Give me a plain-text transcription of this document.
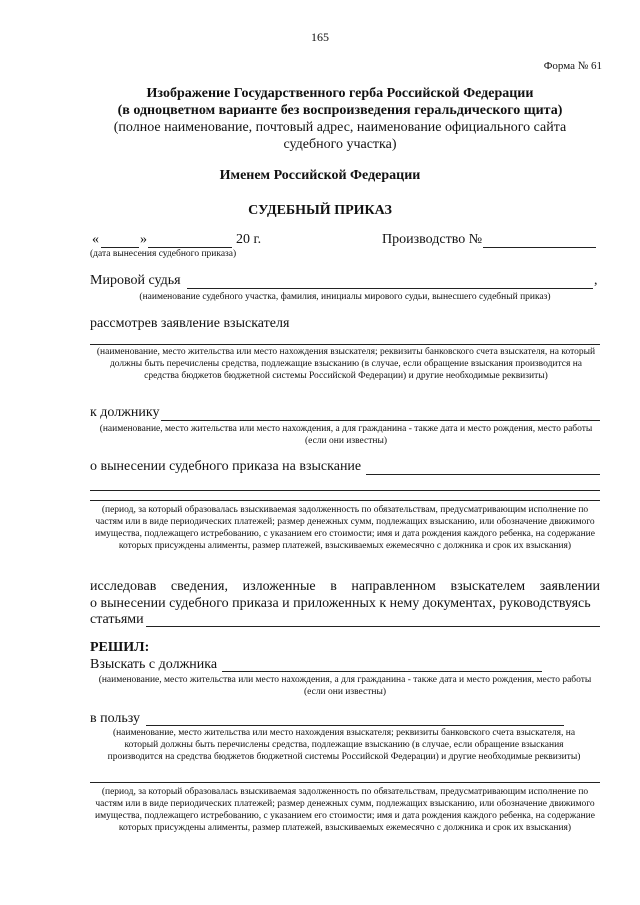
165
Форма № 61
Изображение Государственного герба Российской Федерации
(в одноцветном варианте без воспроизведения геральдического щита)
(полное наименование, почтовый адрес, наименование официального сайта
судебного участка)
Именем Российской Федерации
СУДЕБНЫЙ ПРИКАЗ
«	»	20 г.
(дата вынесения судебного приказа)
Производство №
Мировой судья	,
(наименование судебного участка, фамилия, инициалы мирового судьи, вынесшего судебный приказ)
рассмотрев заявление взыскателя
(наименование, место жительства или место нахождения взыскателя; реквизиты банковского счета взыскателя, на который должны быть перечислены средства, подлежащие взысканию (в случае, если обращение взыскания производится на средства бюджетов бюджетной системы Российской Федерации) и другие необходимые реквизиты)
к должнику
(наименование, место жительства или место нахождения, а для гражданина - также дата и место рождения, место работы (если они известны)
о вынесении судебного приказа на взыскание
(период, за который образовалась взыскиваемая задолженность по обязательствам, предусматривающим исполнение по частям или в виде периодических платежей; размер денежных сумм, подлежащих взысканию, или обозначение движимого имущества, подлежащего истребованию, с указанием его стоимости; имя и дата рождения каждого ребенка, на содержание которых присуждены алименты, размер платежей, взыскиваемых ежемесячно с должника и срок их взыскания)
исследовав сведения, изложенные в направленном взыскателем заявлении
о вынесении судебного приказа и приложенных к нему документах, руководствуясь
статьями
РЕШИЛ:
Взыскать с должника
(наименование, место жительства или место нахождения, а для гражданина - также дата и место рождения, место работы (если они известны)
в пользу
(наименование, место жительства или место нахождения взыскателя; реквизиты банковского счета взыскателя, на который должны быть перечислены средства, подлежащие взысканию (в случае, если обращение взыскания производится на средства бюджетов бюджетной системы Российской Федерации) и другие необходимые реквизиты)
(период, за который образовалась взыскиваемая задолженность по обязательствам, предусматривающим исполнение по частям или в виде периодических платежей; размер денежных сумм, подлежащих взысканию, или обозначение движимого имущества, подлежащего истребованию, с указанием его стоимости; имя и дата рождения каждого ребенка, на содержание которых присуждены алименты, размер платежей, взыскиваемых ежемесячно с должника и срок их взыскания)
